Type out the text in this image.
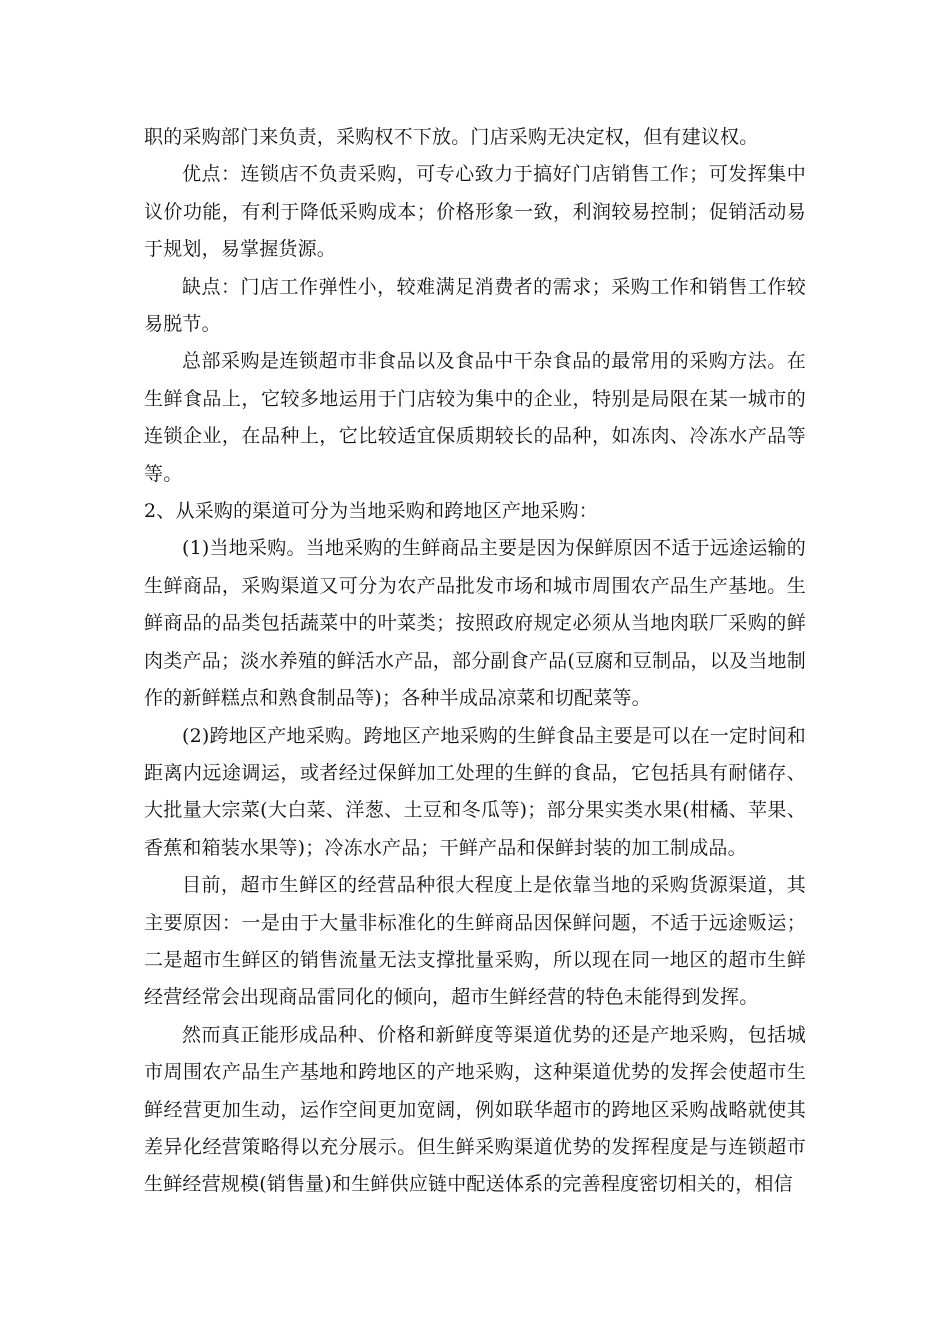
职的采购部门来负责，采购权不下放。门店采购无决定权，但有建议权。

优点：连锁店不负责采购，可专心致力于搞好门店销售工作；可发挥集中议价功能，有利于降低采购成本；价格形象一致，利润较易控制；促销活动易于规划，易掌握货源。

缺点：门店工作弹性小，较难满足消费者的需求；采购工作和销售工作较易脱节。

总部采购是连锁超市非食品以及食品中干杂食品的最常用的采购方法。在生鲜食品上，它较多地运用于门店较为集中的企业，特别是局限在某一城市的连锁企业，在品种上，它比较适宜保质期较长的品种，如冻肉、冷冻水产品等等。

2、从采购的渠道可分为当地采购和跨地区产地采购：

(1)当地采购。当地采购的生鲜商品主要是因为保鲜原因不适于远途运输的生鲜商品，采购渠道又可分为农产品批发市场和城市周围农产品生产基地。生鲜商品的品类包括蔬菜中的叶菜类；按照政府规定必须从当地肉联厂采购的鲜肉类产品；淡水养殖的鲜活水产品，部分副食产品(豆腐和豆制品，以及当地制作的新鲜糕点和熟食制品等)；各种半成品凉菜和切配菜等。

(2)跨地区产地采购。跨地区产地采购的生鲜食品主要是可以在一定时间和距离内远途调运，或者经过保鲜加工处理的生鲜的食品，它包括具有耐储存、大批量大宗菜(大白菜、洋葱、土豆和冬瓜等)；部分果实类水果(柑橘、苹果、香蕉和箱装水果等)；冷冻水产品；干鲜产品和保鲜封装的加工制成品。

目前，超市生鲜区的经营品种很大程度上是依靠当地的采购货源渠道，其主要原因：一是由于大量非标准化的生鲜商品因保鲜问题，不适于远途贩运；二是超市生鲜区的销售流量无法支撑批量采购，所以现在同一地区的超市生鲜经营经常会出现商品雷同化的倾向，超市生鲜经营的特色未能得到发挥。

然而真正能形成品种、价格和新鲜度等渠道优势的还是产地采购，包括城市周围农产品生产基地和跨地区的产地采购，这种渠道优势的发挥会使超市生鲜经营更加生动，运作空间更加宽阔，例如联华超市的跨地区采购战略就使其差异化经营策略得以充分展示。但生鲜采购渠道优势的发挥程度是与连锁超市生鲜经营规模(销售量)和生鲜供应链中配送体系的完善程度密切相关的，相信
